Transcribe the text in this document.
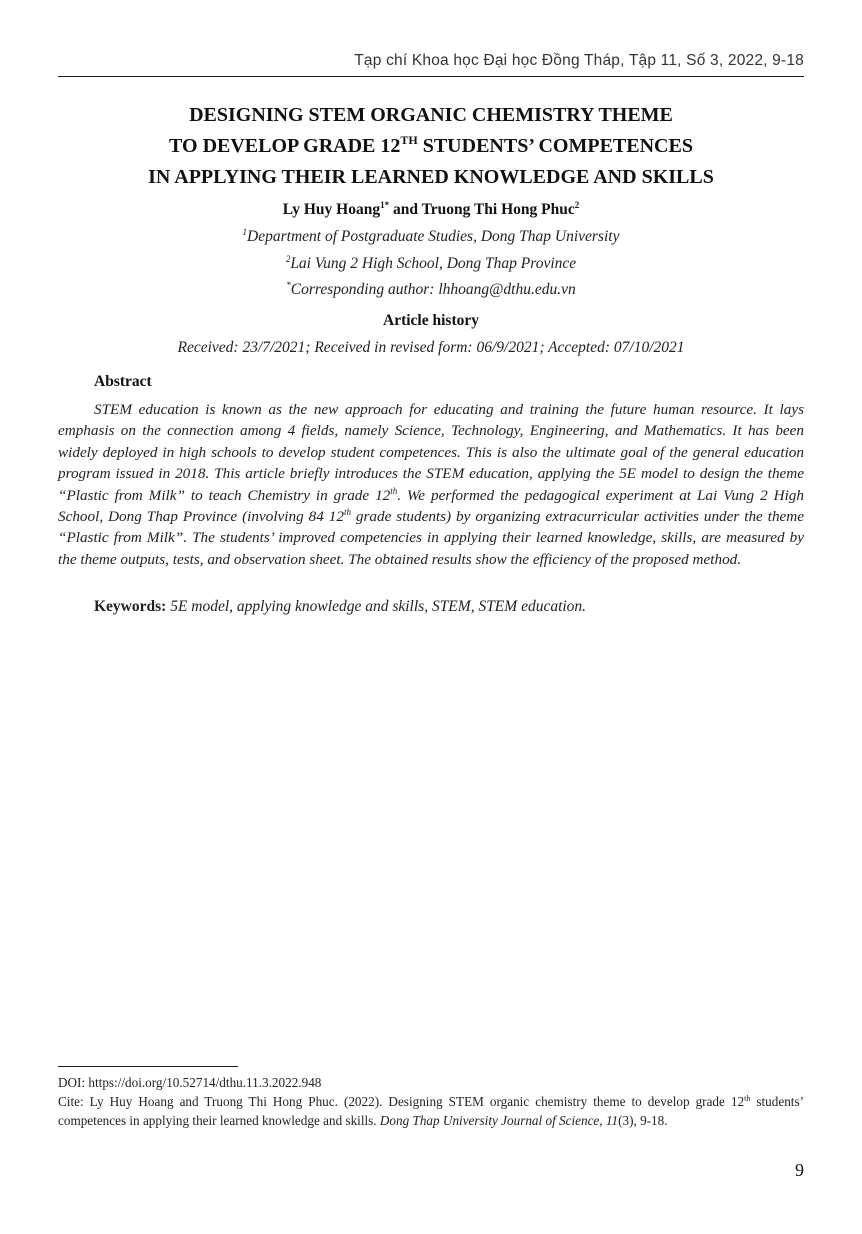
Tạp chí Khoa học Đại học Đồng Tháp, Tập 11, Số 3, 2022, 9-18
DESIGNING STEM ORGANIC CHEMISTRY THEME
TO DEVELOP GRADE 12TH STUDENTS’ COMPETENCES
IN APPLYING THEIR LEARNED KNOWLEDGE AND SKILLS
Ly Huy Hoang$^{1*}$ and Truong Thi Hong Phuc$^2$
$^1$Department of Postgraduate Studies, Dong Thap University
$^2$Lai Vung 2 High School, Dong Thap Province
*Corresponding author: lhhoang@dthu.edu.vn
Article history
Received: 23/7/2021; Received in revised form: 06/9/2021; Accepted: 07/10/2021
Abstract
STEM education is known as the new approach for educating and training the future human resource. It lays emphasis on the connection among 4 fields, namely Science, Technology, Engineering, and Mathematics. It has been widely deployed in high schools to develop student competences. This is also the ultimate goal of the general education program issued in 2018. This article briefly introduces the STEM education, applying the 5E model to design the theme “Plastic from Milk” to teach Chemistry in grade 12th. We performed the pedagogical experiment at Lai Vung 2 High School, Dong Thap Province (involving 84 12th grade students) by organizing extracurricular activities under the theme “Plastic from Milk”. The students’ improved competencies in applying their learned knowledge, skills, are measured by the theme outputs, tests, and observation sheet. The obtained results show the efficiency of the proposed method.
Keywords: 5E model, applying knowledge and skills, STEM, STEM education.
DOI: https://doi.org/10.52714/dthu.11.3.2022.948
Cite: Ly Huy Hoang and Truong Thi Hong Phuc. (2022). Designing STEM organic chemistry theme to develop grade 12th students’ competences in applying their learned knowledge and skills. Dong Thap University Journal of Science, 11(3), 9-18.
9
